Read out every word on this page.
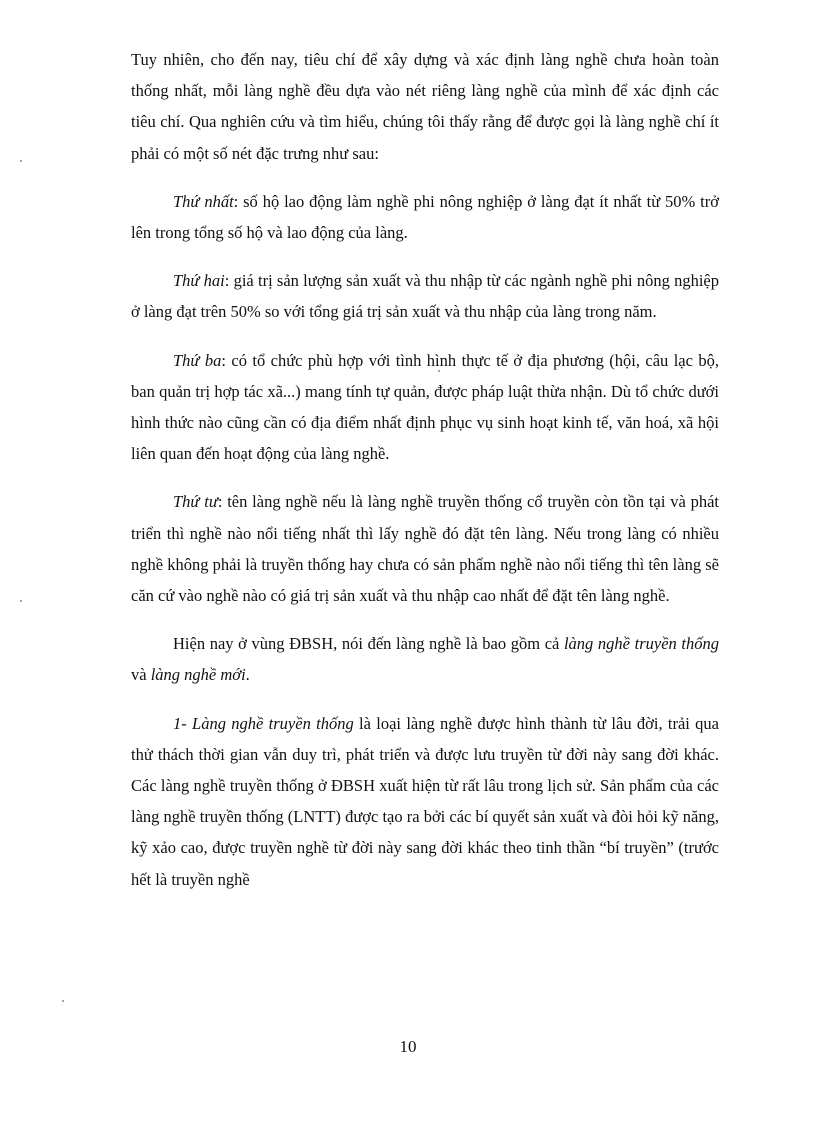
Tuy nhiên, cho đến nay, tiêu chí để xây dựng và xác định làng nghề chưa hoàn toàn thống nhất, mỗi làng nghề đều dựa vào nét riêng làng nghề của mình để xác định các tiêu chí. Qua nghiên cứu và tìm hiểu, chúng tôi thấy rằng để được gọi là làng nghề chí ít phải có một số nét đặc trưng như sau:

Thứ nhất: số hộ lao động làm nghề phi nông nghiệp ở làng đạt ít nhất từ 50% trở lên trong tổng số hộ và lao động của làng.

Thứ hai: giá trị sản lượng sản xuất và thu nhập từ các ngành nghề phi nông nghiệp ở làng đạt trên 50% so với tổng giá trị sản xuất và thu nhập của làng trong năm.

Thứ ba: có tổ chức phù hợp với tình hình thực tế ở địa phương (hội, câu lạc bộ, ban quản trị hợp tác xã...) mang tính tự quản, được pháp luật thừa nhận. Dù tổ chức dưới hình thức nào cũng cần có địa điểm nhất định phục vụ sinh hoạt kinh tế, văn hoá, xã hội liên quan đến hoạt động của làng nghề.

Thứ tư: tên làng nghề nếu là làng nghề truyền thống cổ truyền còn tồn tại và phát triển thì nghề nào nổi tiếng nhất thì lấy nghề đó đặt tên làng. Nếu trong làng có nhiều nghề không phải là truyền thống hay chưa có sản phẩm nghề nào nổi tiếng thì tên làng sẽ căn cứ vào nghề nào có giá trị sản xuất và thu nhập cao nhất để đặt tên làng nghề.

Hiện nay ở vùng ĐBSH, nói đến làng nghề là bao gồm cả làng nghề truyền thống và làng nghề mới.

1- Làng nghề truyền thống là loại làng nghề được hình thành từ lâu đời, trải qua thử thách thời gian vẫn duy trì, phát triển và được lưu truyền từ đời này sang đời khác. Các làng nghề truyền thống ở ĐBSH xuất hiện từ rất lâu trong lịch sử. Sản phẩm của các làng nghề truyền thống (LNTT) được tạo ra bởi các bí quyết sản xuất và đòi hỏi kỹ năng, kỹ xảo cao, được truyền nghề từ đời này sang đời khác theo tinh thần “bí truyền” (trước hết là truyền nghề

10
